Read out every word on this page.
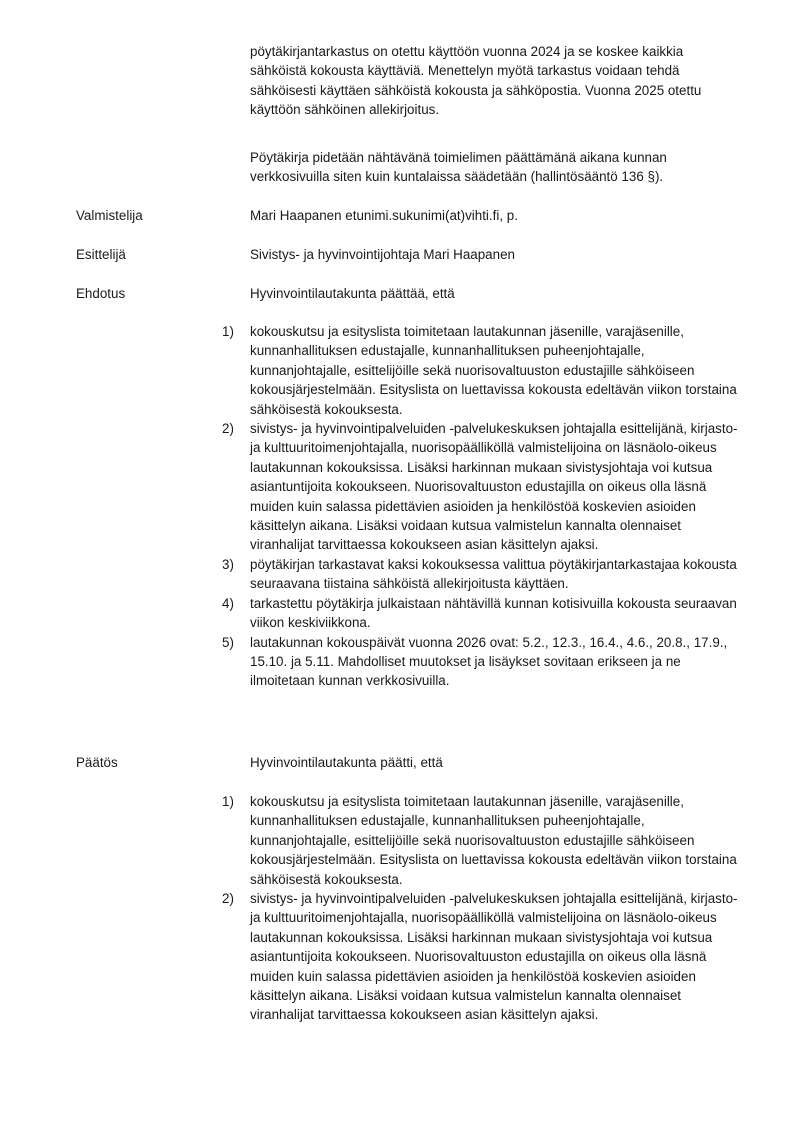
pöytäkirjantarkastus on otettu käyttöön vuonna 2024 ja se koskee kaikkia sähköistä kokousta käyttäviä. Menettelyn myötä tarkastus voidaan tehdä sähköisesti käyttäen sähköistä kokousta ja sähköpostia. Vuonna 2025 otettu käyttöön sähköinen allekirjoitus.
Pöytäkirja pidetään nähtävänä toimielimen päättämänä aikana kunnan verkkosivuilla siten kuin kuntalaissa säädetään (hallintösääntö 136 §).
Valmistelija	Mari Haapanen etunimi.sukunimi(at)vihti.fi, p.
Esittelijä	Sivistys- ja hyvinvointijohtaja Mari Haapanen
Ehdotus	Hyvinvointilautakunta päättää, että
1) kokouskutsu ja esityslista toimitetaan lautakunnan jäsenille, varajäsenille, kunnanhallituksen edustajalle, kunnanhallituksen puheenjohtajalle, kunnanjohtajalle, esittelijöille sekä nuorisovaltuuston edustajille sähköiseen kokousjärjestelmään. Esityslista on luettavissa kokousta edeltävän viikon torstaina sähköisestä kokouksesta.
2) sivistys- ja hyvinvointipalveluiden -palvelukeskuksen johtajalla esittelijänä, kirjasto- ja kulttuuritoimenjohtajalla, nuorisopäälliköllä valmistelijoina on läsnäolo-oikeus lautakunnan kokouksissa. Lisäksi harkinnan mukaan sivistysjohtaja voi kutsua asiantuntijoita kokoukseen. Nuorisovaltuuston edustajilla on oikeus olla läsnä muiden kuin salassa pidettävien asioiden ja henkilöstöä koskevien asioiden käsittelyn aikana. Lisäksi voidaan kutsua valmistelun kannalta olennaiset viranhalijat tarvittaessa kokoukseen asian käsittelyn ajaksi.
3) pöytäkirjan tarkastavat kaksi kokouksessa valittua pöytäkirjantarkastajaa kokousta seuraavana tiistaina sähköistä allekirjoitusta käyttäen.
4) tarkastettu pöytäkirja julkaistaan nähtävillä kunnan kotisivuilla kokousta seuraavan viikon keskiviikkona.
5) lautakunnan kokouspäivät vuonna 2026 ovat: 5.2., 12.3., 16.4., 4.6., 20.8., 17.9., 15.10. ja 5.11. Mahdolliset muutokset ja lisäykset sovitaan erikseen ja ne ilmoitetaan kunnan verkkosivuilla.
Päätös	Hyvinvointilautakunta päätti, että
1) kokouskutsu ja esityslista toimitetaan lautakunnan jäsenille, varajäsenille, kunnanhallituksen edustajalle, kunnanhallituksen puheenjohtajalle, kunnanjohtajalle, esittelijöille sekä nuorisovaltuuston edustajille sähköiseen kokousjärjestelmään. Esityslista on luettavissa kokousta edeltävän viikon torstaina sähköisestä kokouksesta.
2) sivistys- ja hyvinvointipalveluiden -palvelukeskuksen johtajalla esittelijänä, kirjasto- ja kulttuuritoimenjohtajalla, nuorisopäälliköllä valmistelijoina on läsnäolo-oikeus lautakunnan kokouksissa. Lisäksi harkinnan mukaan sivistysjohtaja voi kutsua asiantuntijoita kokoukseen. Nuorisovaltuuston edustajilla on oikeus olla läsnä muiden kuin salassa pidettävien asioiden ja henkilöstöä koskevien asioiden käsittelyn aikana. Lisäksi voidaan kutsua valmistelun kannalta olennaiset viranhalijat tarvittaessa kokoukseen asian käsittelyn ajaksi.
